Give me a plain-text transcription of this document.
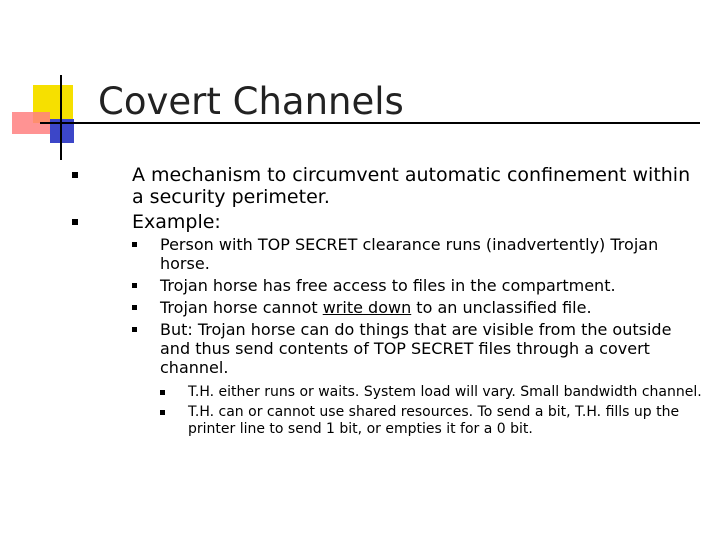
Covert Channels
A mechanism to circumvent automatic confinement within a security perimeter.
Example:
Person with TOP SECRET clearance runs (inadvertently) Trojan horse.
Trojan horse has free access to files in the compartment.
Trojan horse cannot write down to an unclassified file.
But: Trojan horse can do things that are visible from the outside and thus send contents of TOP SECRET files through a covert channel.
T.H. either runs or waits. System load will vary. Small bandwidth channel.
T.H. can or cannot use shared resources. To send a bit, T.H. fills up the printer line to send 1 bit, or empties it for a 0 bit.
